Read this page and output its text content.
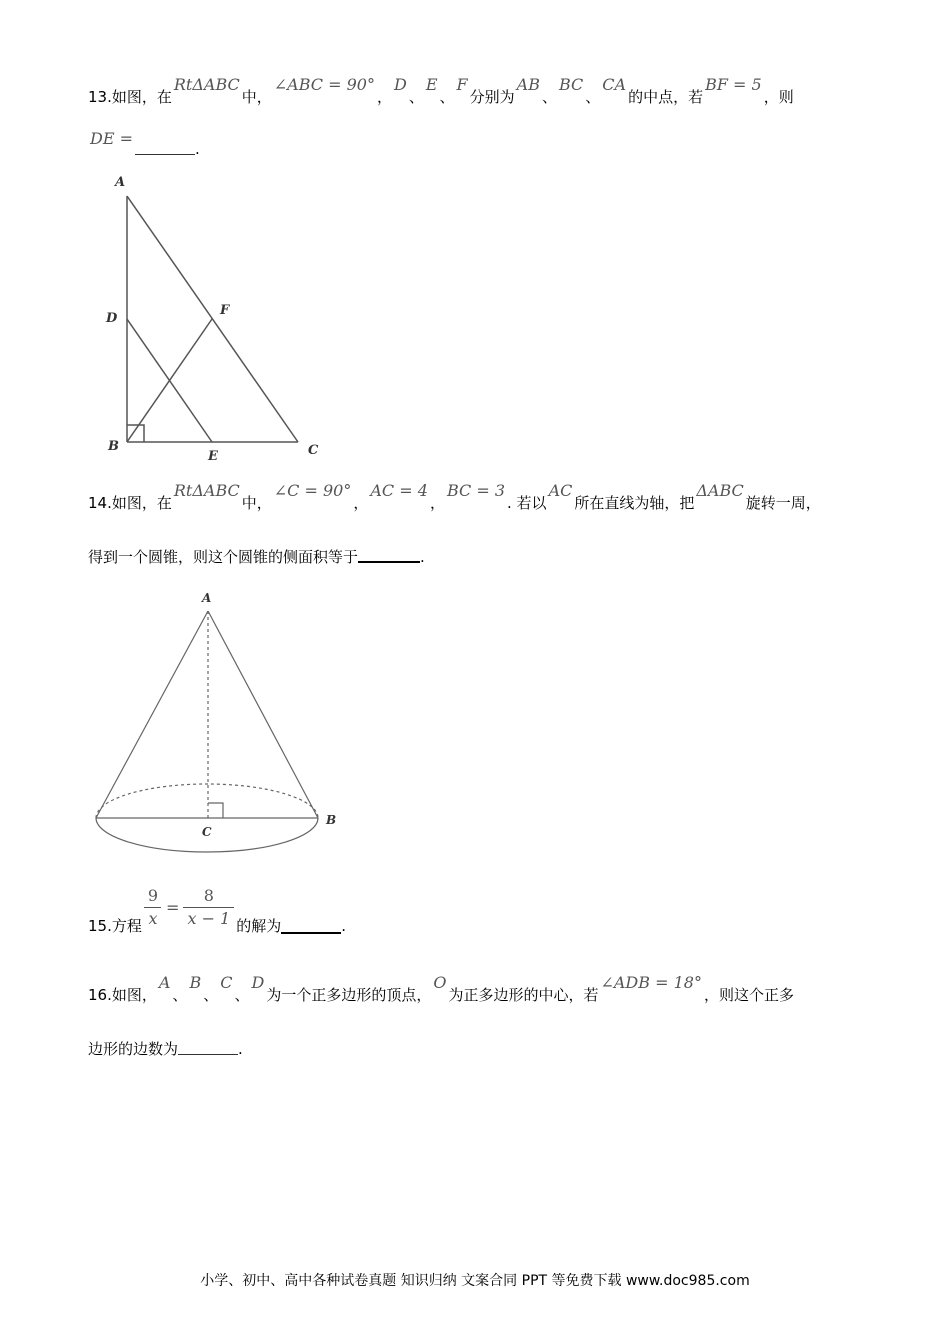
13.如图，在
RtΔABC
中，
∠ABC = 90°
，
D
、
E
、
F
分别为
AB
、
BC
、
CA
的中点，若
BF = 5
，则
DE =
.
A
D
F
B
E	C
14.如图，在
RtΔABC
中，
∠C = 90°
，
AC = 4
，
BC = 3
. 若以
AC
所在直线为轴，把
ΔABC
旋转一周，
得到一个圆锥，则这个圆锥的侧面积等于	.
A
C
B
15.方程 $\frac{9}{x} = \frac{8}{x - 1}$ 的解为	.
16.如图，
A
、
B
、
C
、
D
为一个正多边形的顶点，
O
为正多边形的中心，若
∠ADB = 18°
，则这个正多
边形的边数为	.
小学、初中、高中各种试卷真题 知识归纳 文案合同 PPT 等免费下载 www.doc985.com
